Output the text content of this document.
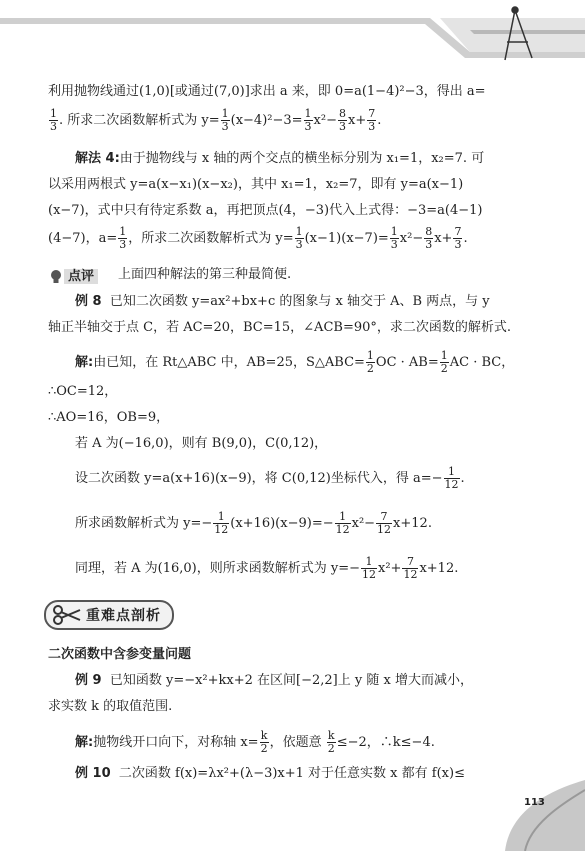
利用抛物线通过(1,0)[或通过(7,0)]求出 a 来，即 0=a(1−4)²−3，得出 a=
$\frac{1}{3}$ . 所求二次函数解析式为 $y= \frac{1}{3} (x-4)^2-3= \frac{1}{3} x^2- \frac{8}{3} x+ \frac{7}{3}$ .
解法 4:由于抛物线与 x 轴的两个交点的横坐标分别为 x₁=1，x₂=7. 可
以采用两根式 y=a(x−x₁)(x−x₂)，其中 x₁=1，x₂=7，即有 y=a(x−1)
(x−7)，式中只有待定系数 a，再把顶点(4，−3)代入上式得：−3=a(4−1)
(4−7)，$a= \frac{1}{3}$ ，所求二次函数解析式为 $y= \frac{1}{3} (x-1)(x-7)= \frac{1}{3} x^2- \frac{8}{3} x+ \frac{7}{3}$ .
点评	上面四种解法的第三种最简便.
例 8 已知二次函数 y=ax²+bx+c 的图象与 x 轴交于 A、B 两点，与 y
轴正半轴交于点 C，若 AC=20，BC=15，∠ACB=90°，求二次函数的解析式.
解:由已知，在 Rt△ABC 中，AB=25，S△ABC= $\frac{1}{2}$ OC · $AB= \frac{1}{2}$ AC · BC，
∴OC=12，
∴AO=16，OB=9，
若 A 为(−16,0)，则有 B(9,0)，C(0,12)，
设二次函数 y=a(x+16)(x−9)，将 C(0,12)坐标代入，得 $a=- \frac{1}{12}$ .
所求函数解析式为 $y=- \frac{1}{12} (x+16)(x-9)=- \frac{1}{12} x^2- \frac{7}{12} x+12$.
同理，若 A 为(16,0)，则所求函数解析式为 $y=- \frac{1}{12} x^2+ \frac{7}{12} x+12$.
重难点剖析
二次函数中含参变量问题
例 9 已知函数 y=−x²+kx+2 在区间[−2,2]上 y 随 x 增大而减小，
求实数 k 的取值范围.
解:抛物线开口向下，对称轴 $x= \frac{k}{2}$ ，依题意 $\frac{k}{2} \le-2$，∴k≤−4.
例 10 二次函数 f(x)=λx²+(λ−3)x+1 对于任意实数 x 都有 f(x)≤
113
